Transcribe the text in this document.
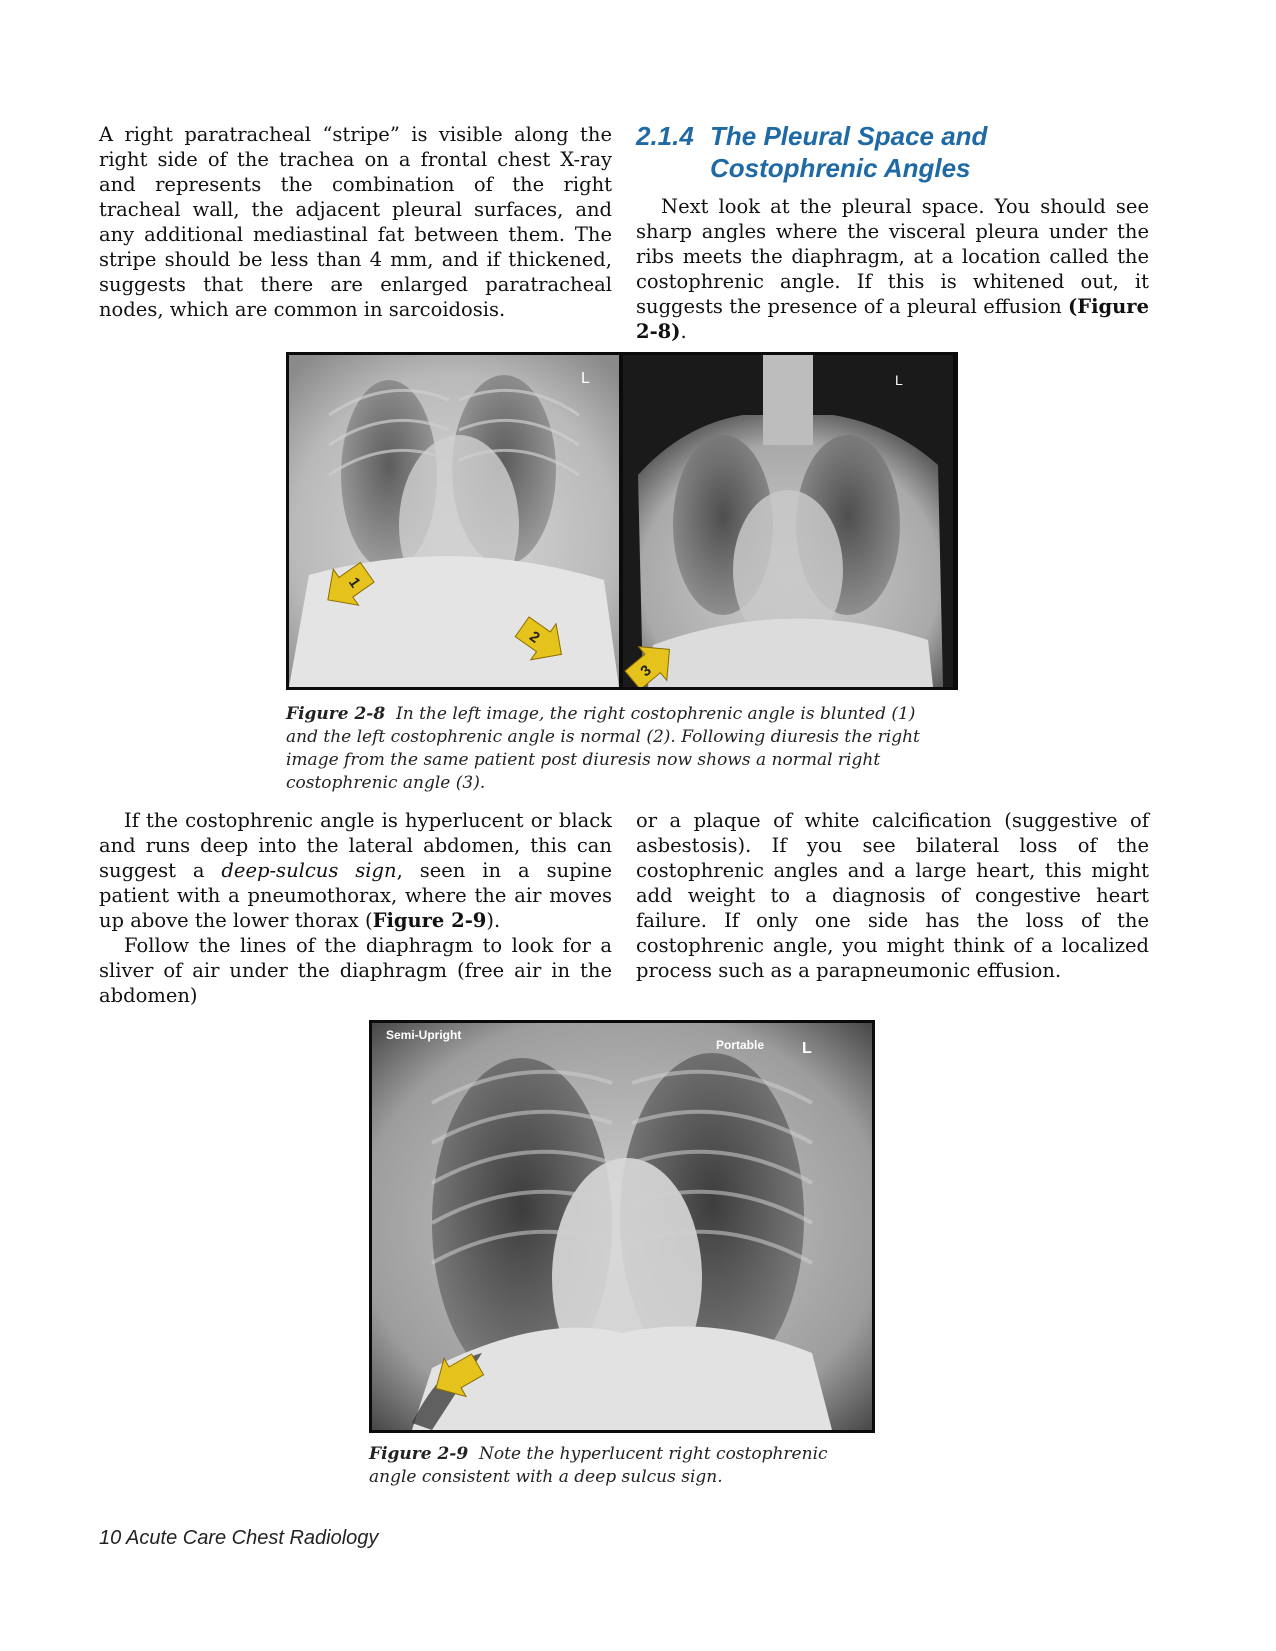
A right paratracheal “stripe” is visible along the right side of the trachea on a frontal chest X-ray and represents the combination of the right tracheal wall, the adjacent pleural surfaces, and any additional mediastinal fat between them. The stripe should be less than 4 mm, and if thickened, suggests that there are enlarged paratracheal nodes, which are common in sarcoidosis.

2.1.4 The Pleural Space and
Costophrenic Angles

Next look at the pleural space. You should see sharp angles where the visceral pleura under the ribs meets the diaphragm, at a location called the costophrenic angle. If this is whitened out, it suggests the presence of a pleural effusion (Figure 2-8).

L
1
2
L
3
Figure 2-8 In the left image, the right costophrenic angle is blunted (1) and the left costophrenic angle is normal (2). Following diuresis the right image from the same patient post diuresis now shows a normal right costophrenic angle (3).

If the costophrenic angle is hyperlucent or black and runs deep into the lateral abdomen, this can suggest a deep-sulcus sign, seen in a supine patient with a pneumothorax, where the air moves up above the lower thorax (Figure 2-9).

Follow the lines of the diaphragm to look for a sliver of air under the diaphragm (free air in the abdomen)

or a plaque of white calcification (suggestive of asbestosis). If you see bilateral loss of the costophrenic angles and a large heart, this might add weight to a diagnosis of congestive heart failure. If only one side has the loss of the costophrenic angle, you might think of a localized process such as a parapneumonic effusion.

Semi-Upright
Portable L
Figure 2-9 Note the hyperlucent right costophrenic angle consistent with a deep sulcus sign.
10 Acute Care Chest Radiology
